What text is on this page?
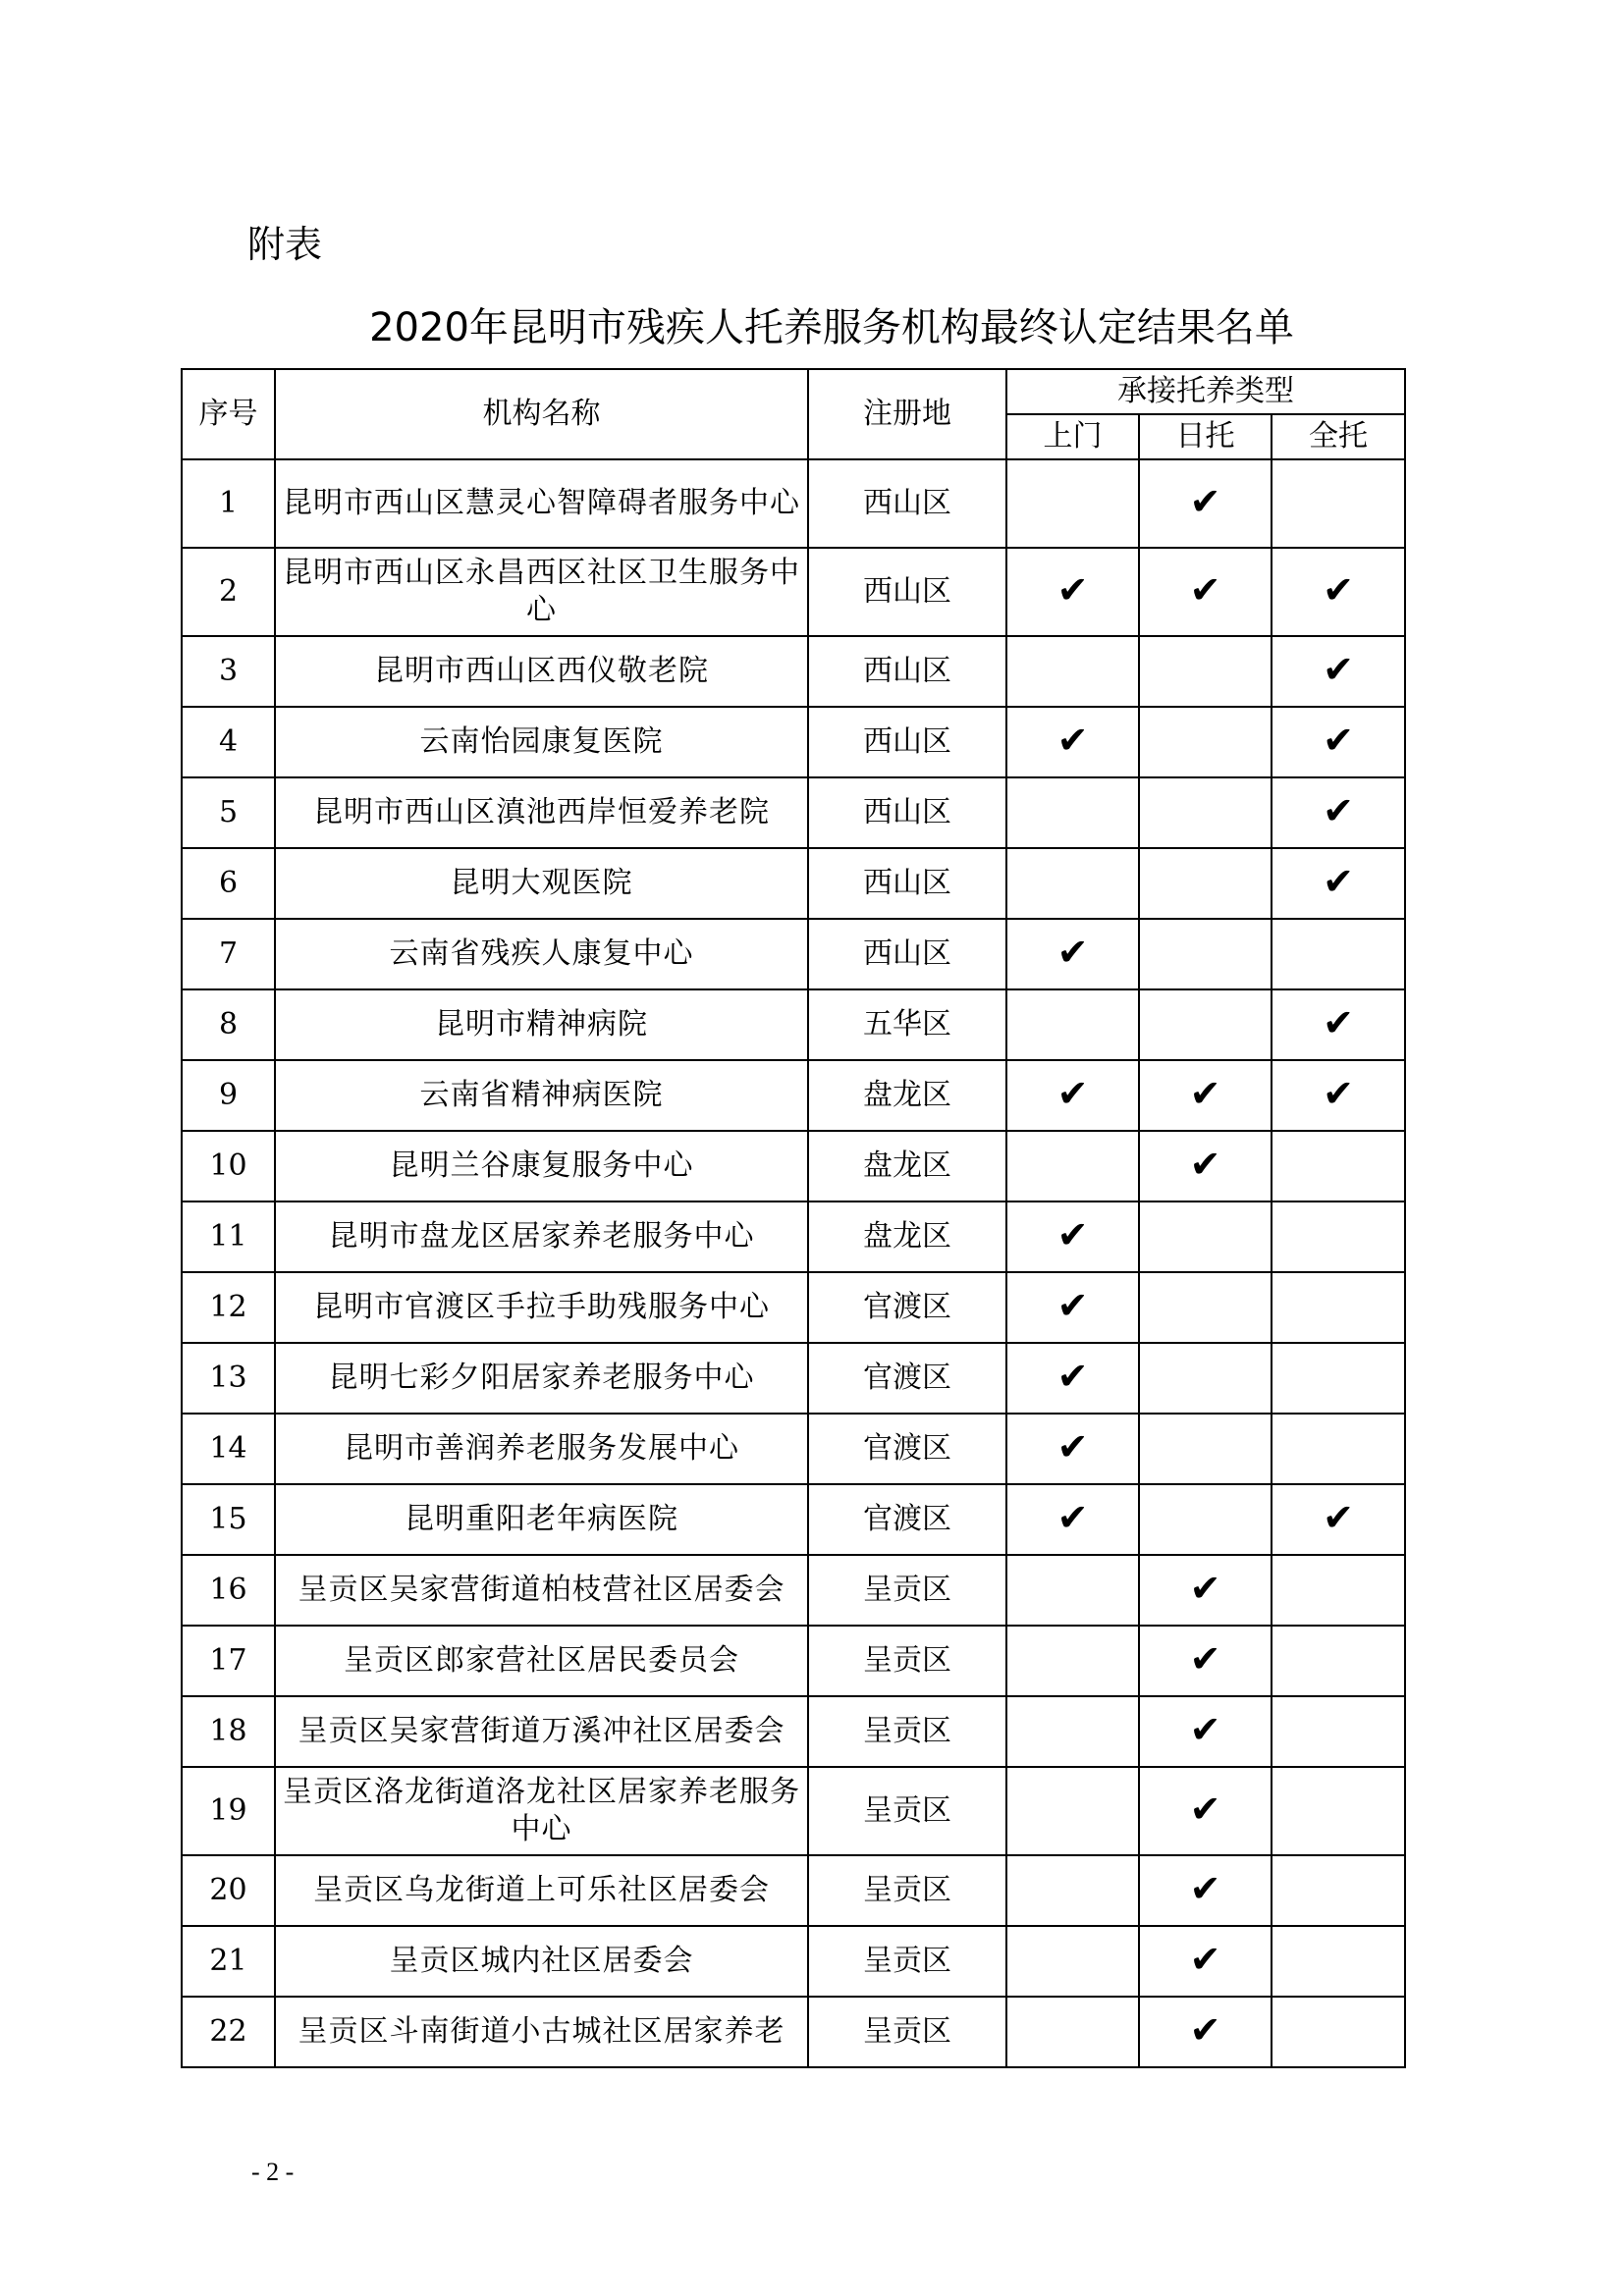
附表
2020年昆明市残疾人托养服务机构最终认定结果名单
序号	机构名称	注册地	承接托养类型		
			上门	日托	全托
1	昆明市西山区慧灵心智障碍者服务中心	西山区		✔	
2	昆明市西山区永昌西区社区卫生服务中心	西山区	✔	✔	✔
3	昆明市西山区西仪敬老院	西山区			✔
4	云南怡园康复医院	西山区	✔		✔
5	昆明市西山区滇池西岸恒爱养老院	西山区			✔
6	昆明大观医院	西山区			✔
7	云南省残疾人康复中心	西山区	✔		
8	昆明市精神病院	五华区			✔
9	云南省精神病医院	盘龙区	✔	✔	✔
10	昆明兰谷康复服务中心	盘龙区		✔	
11	昆明市盘龙区居家养老服务中心	盘龙区	✔		
12	昆明市官渡区手拉手助残服务中心	官渡区	✔		
13	昆明七彩夕阳居家养老服务中心	官渡区	✔		
14	昆明市善润养老服务发展中心	官渡区	✔		
15	昆明重阳老年病医院	官渡区	✔		✔
16	呈贡区吴家营街道柏枝营社区居委会	呈贡区		✔	
17	呈贡区郎家营社区居民委员会	呈贡区		✔	
18	呈贡区吴家营街道万溪冲社区居委会	呈贡区		✔	
19	呈贡区洛龙街道洛龙社区居家养老服务中心	呈贡区		✔	
20	呈贡区乌龙街道上可乐社区居委会	呈贡区		✔	
21	呈贡区城内社区居委会	呈贡区		✔	
22	呈贡区斗南街道小古城社区居家养老	呈贡区		✔	
- 2 -
